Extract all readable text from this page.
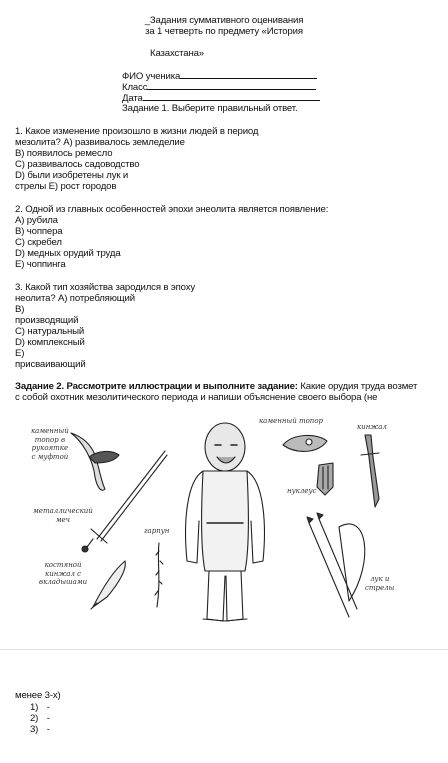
_Задания суммативного оценивания
за 1 четверть по предмету «История
Казахстана»
ФИО ученика
Класс
Дата
Задание 1. Выберите правильный ответ.
1. Какое изменение произошло в жизни людей в период
мезолита? А) развивалось земледелие
В) появилось ремесло
С) развивалось садоводство
D) были изобретены лук и
стрелы Е) рост городов
2. Одной из главных особенностей эпохи энеолита является появление:
А) рубила
В) чоппера
С) скребел
D) медных орудий труда
Е) чоппинга
3. Какой тип хозяйства зародился в эпоху
неолита? А) потребляющий
В)
производящий
С) натуральный
D) комплексный
Е)
присваивающий
Задание 2. Рассмотрите иллюстрации и выполните задание: Какие орудия труда возмет
с собой охотник мезолитического периода и напиши объяснение своего выбора (не
каменный
топор в
рукоятке
с муфтой
каменный топор
кинжал
нуклеус
металлический
меч
гарпун
костяной
кинжал с
вкладышами	лук и
стрелы
менее 3-х)
1) -
2) -
3) -
